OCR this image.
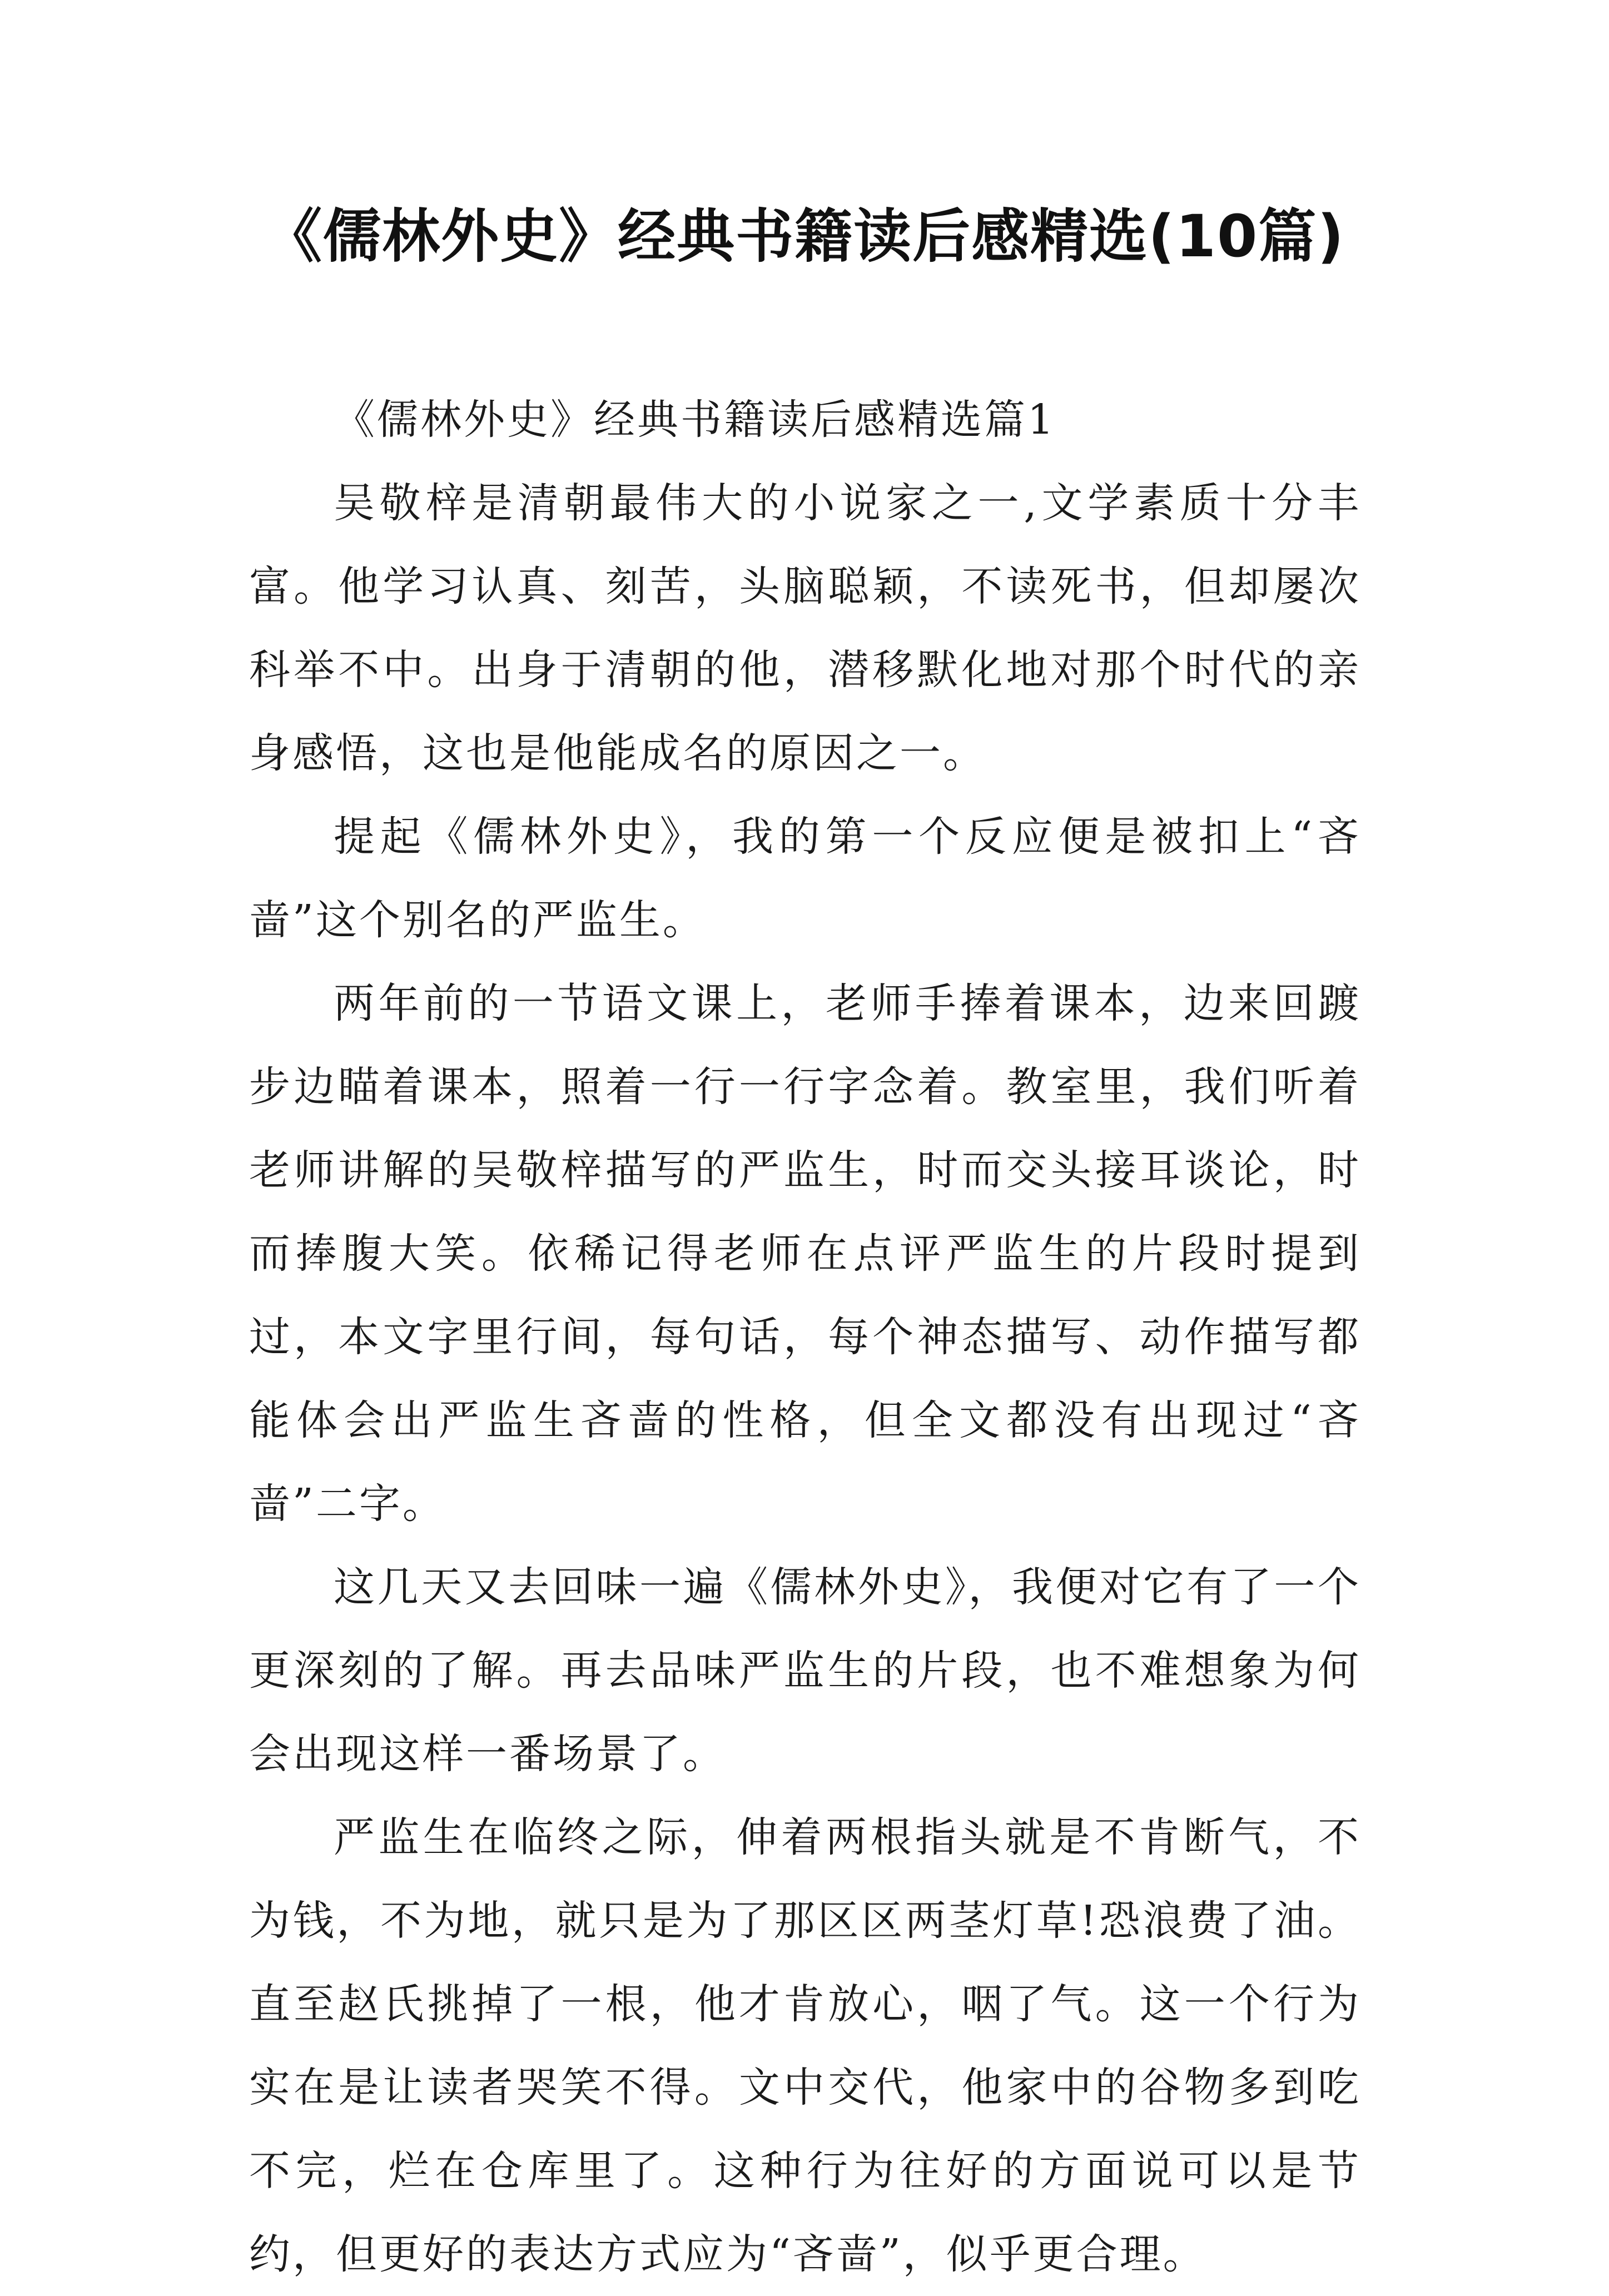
《儒林外史》经典书籍读后感精选(10篇)
《儒林外史》经典书籍读后感精选篇1

吴敬梓是清朝最伟大的小说家之一,文学素质十分丰富。他学习认真、刻苦，头脑聪颖，不读死书，但却屡次科举不中。出身于清朝的他，潜移默化地对那个时代的亲身感悟，这也是他能成名的原因之一。

提起《儒林外史》，我的第一个反应便是被扣上“吝啬”这个别名的严监生。

两年前的一节语文课上，老师手捧着课本，边来回踱步边瞄着课本，照着一行一行字念着。教室里，我们听着老师讲解的吴敬梓描写的严监生，时而交头接耳谈论，时而捧腹大笑。依稀记得老师在点评严监生的片段时提到过，本文字里行间，每句话，每个神态描写、动作描写都能体会出严监生吝啬的性格，但全文都没有出现过“吝啬”二字。

这几天又去回味一遍《儒林外史》，我便对它有了一个更深刻的了解。再去品味严监生的片段，也不难想象为何会出现这样一番场景了。

严监生在临终之际，伸着两根指头就是不肯断气，不为钱，不为地，就只是为了那区区两茎灯草!恐浪费了油。直至赵氏挑掉了一根，他才肯放心，咽了气。这一个行为实在是让读者哭笑不得。文中交代，他家中的谷物多到吃不完，烂在仓库里了。这种行为往好的方面说可以是节约，但更好的表达方式应为“吝啬”，似乎更合理。
